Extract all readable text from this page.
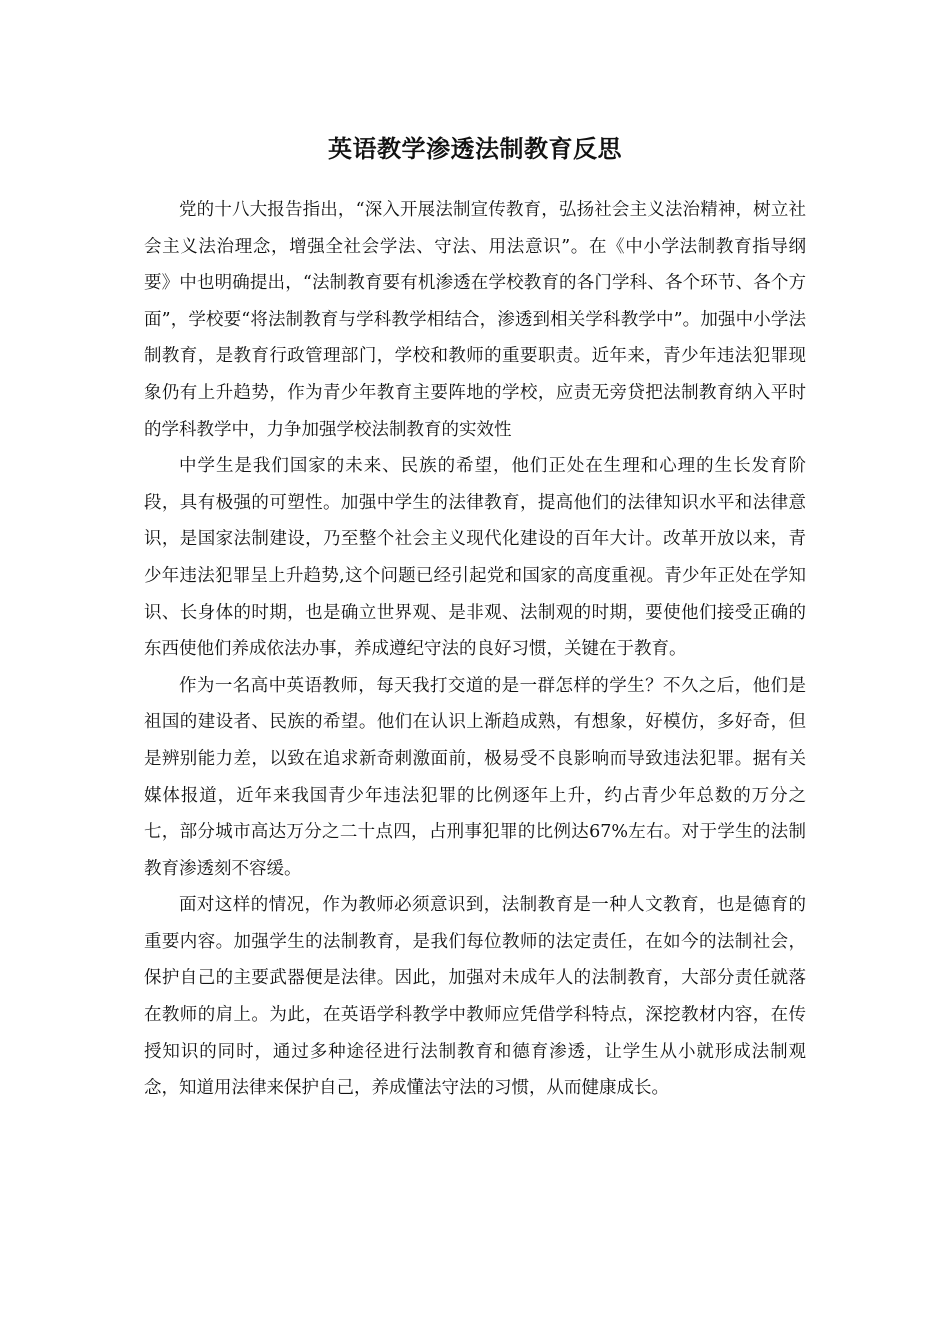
英语教学渗透法制教育反思

党的十八大报告指出，“深入开展法制宣传教育，弘扬社会主义法治精神，树立社会主义法治理念，增强全社会学法、守法、用法意识”。在《中小学法制教育指导纲要》中也明确提出，“法制教育要有机渗透在学校教育的各门学科、各个环节、各个方面”，学校要“将法制教育与学科教学相结合，渗透到相关学科教学中”。加强中小学法制教育，是教育行政管理部门，学校和教师的重要职责。近年来，青少年违法犯罪现象仍有上升趋势，作为青少年教育主要阵地的学校，应责无旁贷把法制教育纳入平时的学科教学中，力争加强学校法制教育的实效性

中学生是我们国家的未来、民族的希望，他们正处在生理和心理的生长发育阶段，具有极强的可塑性。加强中学生的法律教育，提高他们的法律知识水平和法律意识，是国家法制建设，乃至整个社会主义现代化建设的百年大计。改革开放以来，青少年违法犯罪呈上升趋势,这个问题已经引起党和国家的高度重视。青少年正处在学知识、长身体的时期，也是确立世界观、是非观、法制观的时期，要使他们接受正确的东西使他们养成依法办事，养成遵纪守法的良好习惯，关键在于教育。

作为一名高中英语教师，每天我打交道的是一群怎样的学生？不久之后，他们是祖国的建设者、民族的希望。他们在认识上渐趋成熟，有想象，好模仿，多好奇，但是辨别能力差，以致在追求新奇刺激面前，极易受不良影响而导致违法犯罪。据有关媒体报道，近年来我国青少年违法犯罪的比例逐年上升，约占青少年总数的万分之七，部分城市高达万分之二十点四，占刑事犯罪的比例达67%左右。对于学生的法制教育渗透刻不容缓。

面对这样的情况，作为教师必须意识到，法制教育是一种人文教育，也是德育的重要内容。加强学生的法制教育，是我们每位教师的法定责任，在如今的法制社会，保护自己的主要武器便是法律。因此，加强对未成年人的法制教育，大部分责任就落在教师的肩上。为此，在英语学科教学中教师应凭借学科特点，深挖教材内容，在传授知识的同时，通过多种途径进行法制教育和德育渗透，让学生从小就形成法制观念，知道用法律来保护自己，养成懂法守法的习惯，从而健康成长。
